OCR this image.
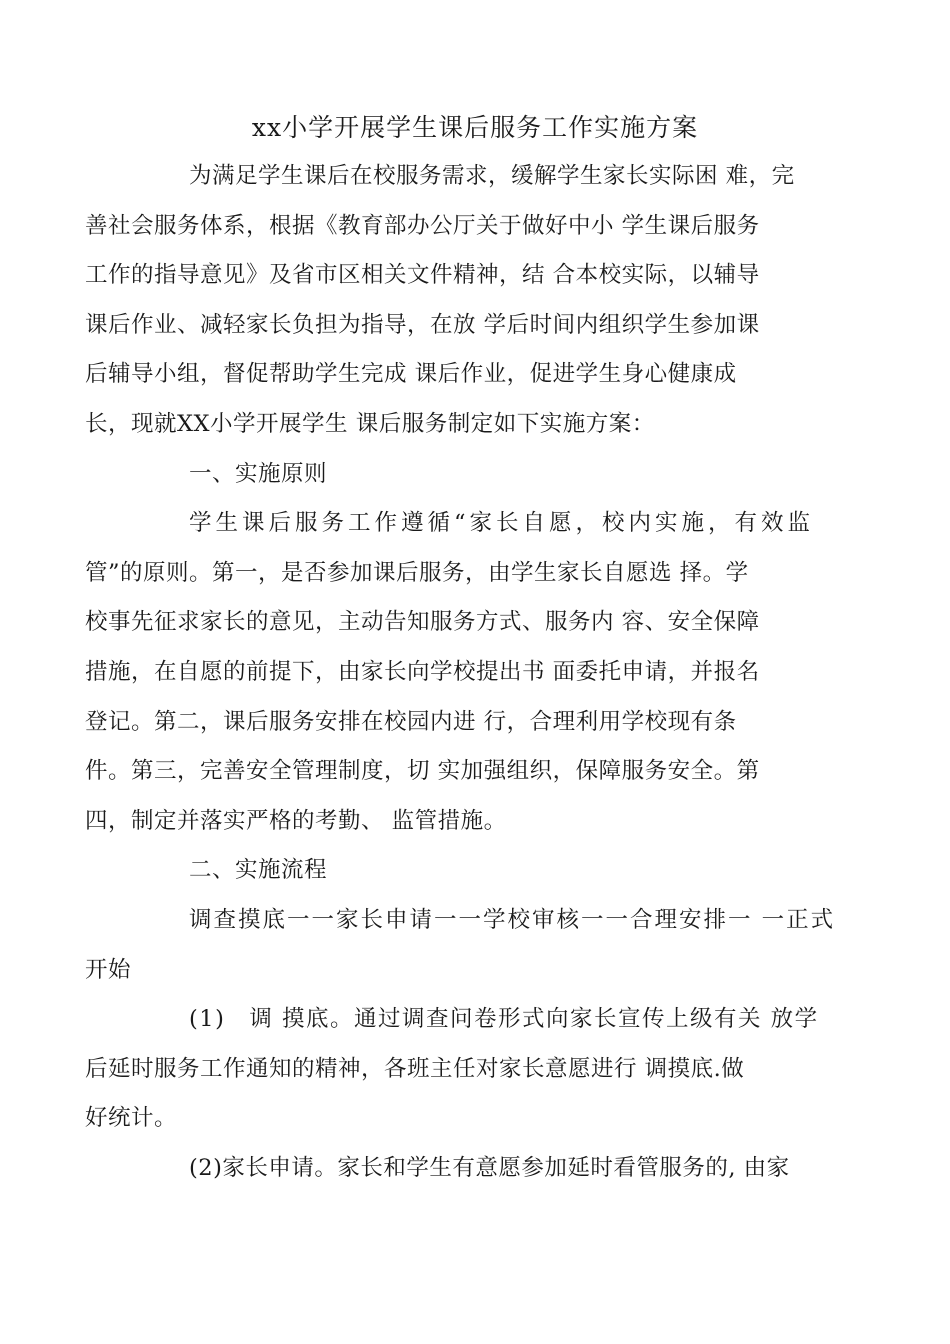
xx小学开展学生课后服务工作实施方案

为满足学生课后在校服务需求，缓解学生家长实际困 难，完
善社会服务体系，根据《教育部办公厅关于做好中小 学生课后服务
工作的指导意见》及省市区相关文件精神，结 合本校实际，以辅导
课后作业、减轻家长负担为指导，在放 学后时间内组织学生参加课
后辅导小组，督促帮助学生完成 课后作业，促进学生身心健康成
长，现就XX小学开展学生 课后服务制定如下实施方案：

一、实施原则

学生课后服务工作遵循“家长自愿，校内实施，有效监
管”的原则。第一，是否参加课后服务，由学生家长自愿选 择。学
校事先征求家长的意见，主动告知服务方式、服务内 容、安全保障
措施，在自愿的前提下，由家长向学校提出书 面委托申请，并报名
登记。第二，课后服务安排在校园内进 行，合理利用学校现有条
件。第三，完善安全管理制度，切 实加强组织，保障服务安全。第
四，制定并落实严格的考勤、 监管措施。

二、实施流程

调查摸底一一家长申请一一学校审核一一合理安排一 一正式
开始

(1)　调 摸底。通过调查问卷形式向家长宣传上级有关 放学
后延时服务工作通知的精神，各班主任对家长意愿进行 调摸底.做
好统计。

(2)家长申请。家长和学生有意愿参加延时看管服务的, 由家
